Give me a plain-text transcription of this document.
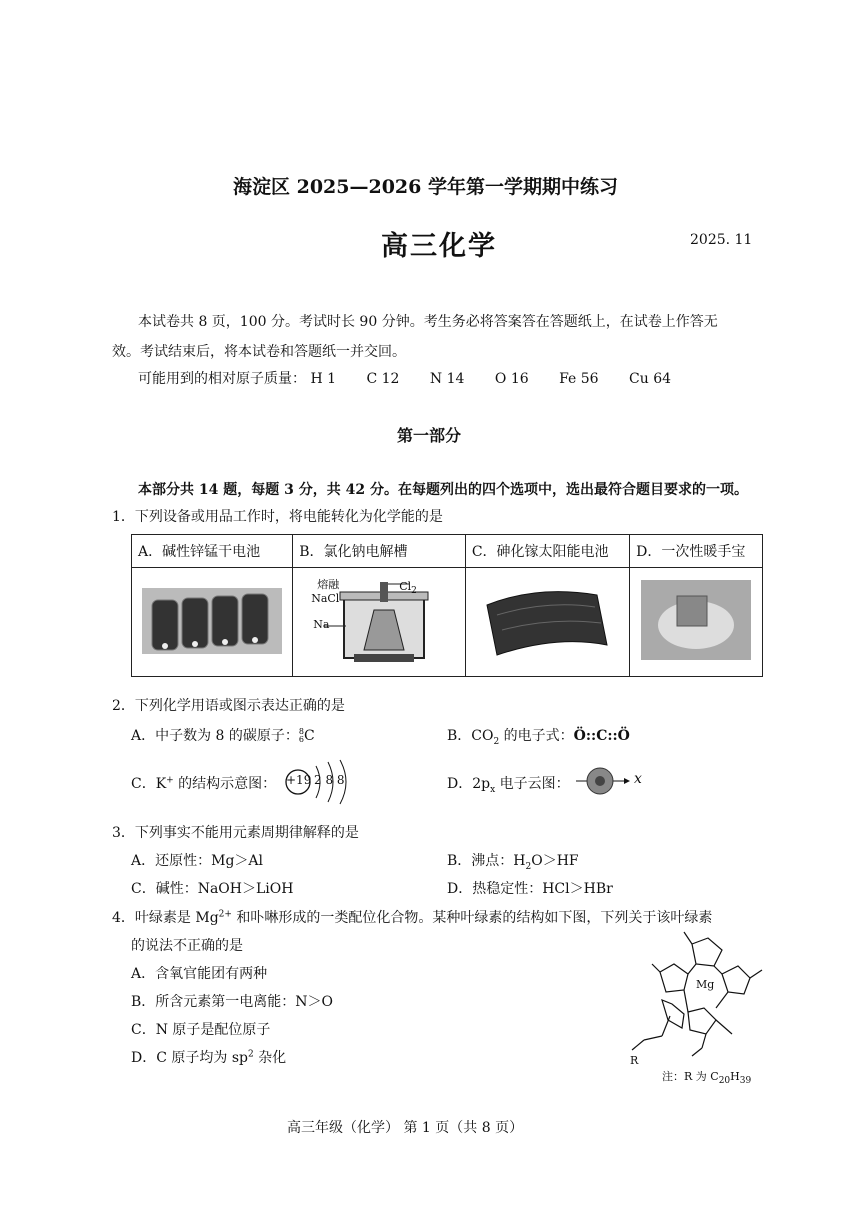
海淀区 2025—2026 学年第一学期期中练习
高三化学	2025. 11
本试卷共 8 页，100 分。考试时长 90 分钟。考生务必将答案答在答题纸上，在试卷上作答无
效。考试结束后，将本试卷和答题纸一并交回。
可能用到的相对原子质量： H 1 C 12 N 14 O 16 Fe 56 Cu 64
第一部分
本部分共 14 题，每题 3 分，共 42 分。在每题列出的四个选项中，选出最符合题目要求的一项。
1．下列设备或用品工作时，将电能转化为化学能的是
A．碱性锌锰干电池	B．氯化钠电解槽	C．砷化镓太阳能电池	D．一次性暖手宝

熔融
NaCl
$Cl_2$
Na

2．下列化学用语或图示表达正确的是
A．中子数为 8 的碳原子： 8
6 C	B．$CO_2$ 的电子式：Ö::C::Ö
C．K+ 的结构示意图： +19 2 8 8	D．$2p_x$ 电子云图：	x
3．下列事实不能用元素周期律解释的是
A．还原性：Mg＞Al	B．沸点：$H_2O>HF$
C．碱性：NaOH＞LiOH	D．热稳定性：HCl＞HBr
4．叶绿素是 $Mg^{2+}$ 和卟啉形成的一类配位化合物。某种叶绿素的结构如下图，下列关于该叶绿素
的说法不正确的是
A．含氧官能团有两种
B．所含元素第一电离能：N＞O
C．N 原子是配位原子
D．C 原子均为 $sp^2$ 杂化
Mg
R
注：R 为 $C_{20}H_{39}$
高三年级（化学） 第 1 页（共 8 页）
